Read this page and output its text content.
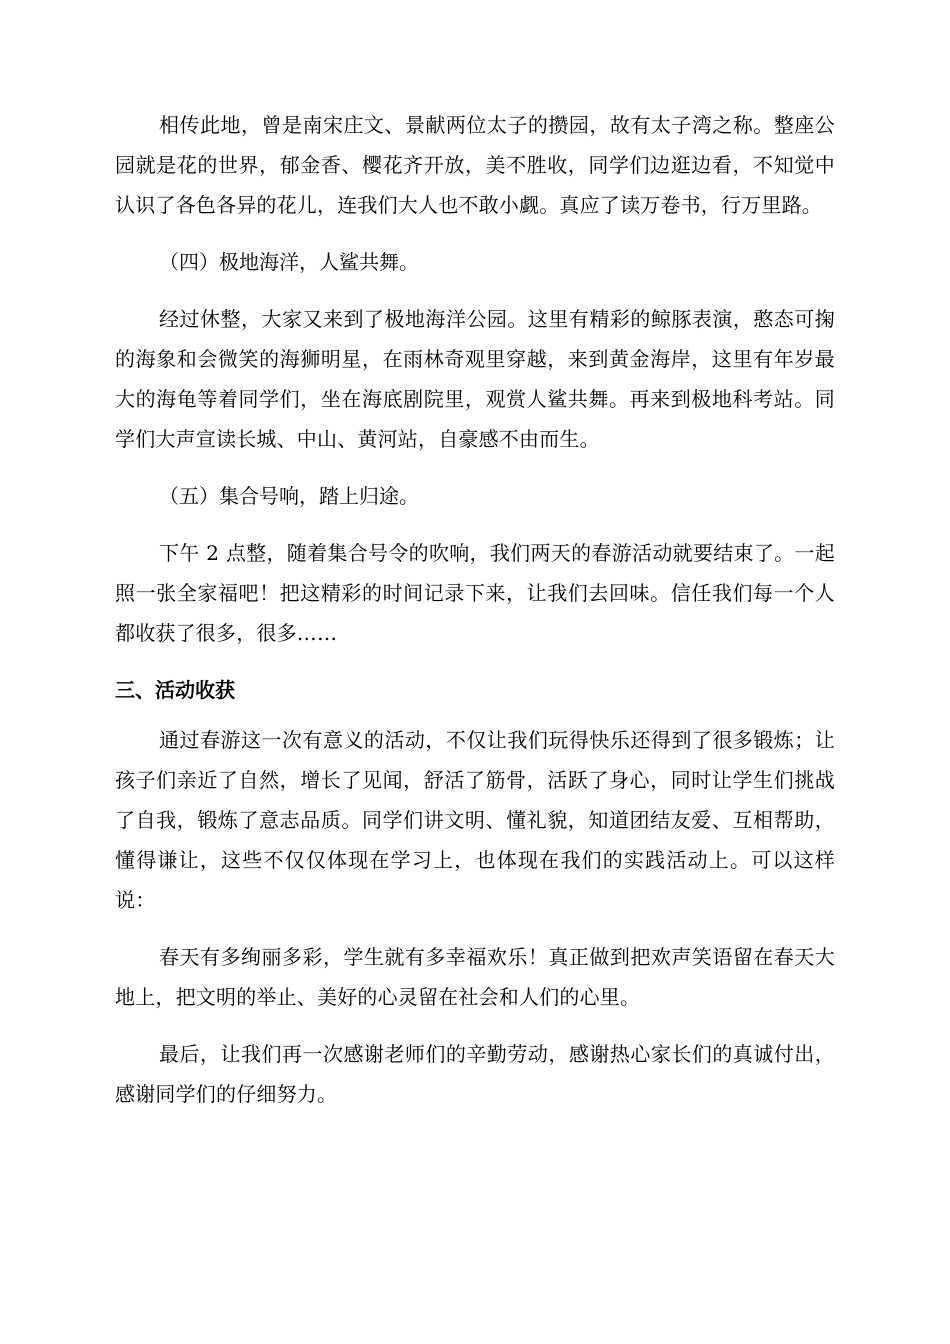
相传此地，曾是南宋庄文、景献两位太子的攒园，故有太子湾之称。整座公园就是花的世界，郁金香、樱花齐开放，美不胜收，同学们边逛边看，不知觉中认识了各色各异的花儿，连我们大人也不敢小觑。真应了读万卷书，行万里路。

（四）极地海洋，人鲨共舞。

经过休整，大家又来到了极地海洋公园。这里有精彩的鲸豚表演，憨态可掬的海象和会微笑的海狮明星，在雨林奇观里穿越，来到黄金海岸，这里有年岁最大的海龟等着同学们，坐在海底剧院里，观赏人鲨共舞。再来到极地科考站。同学们大声宣读长城、中山、黄河站，自豪感不由而生。

（五）集合号响，踏上归途。

下午 2 点整，随着集合号令的吹响，我们两天的春游活动就要结束了。一起照一张全家福吧！把这精彩的时间记录下来，让我们去回味。信任我们每一个人都收获了很多，很多……

三、活动收获

通过春游这一次有意义的活动，不仅让我们玩得快乐还得到了很多锻炼；让孩子们亲近了自然，增长了见闻，舒活了筋骨，活跃了身心，同时让学生们挑战了自我，锻炼了意志品质。同学们讲文明、懂礼貌，知道团结友爱、互相帮助，懂得谦让，这些不仅仅体现在学习上，也体现在我们的实践活动上。可以这样说：

春天有多绚丽多彩，学生就有多幸福欢乐！真正做到把欢声笑语留在春天大地上，把文明的举止、美好的心灵留在社会和人们的心里。

最后，让我们再一次感谢老师们的辛勤劳动，感谢热心家长们的真诚付出，感谢同学们的仔细努力。
